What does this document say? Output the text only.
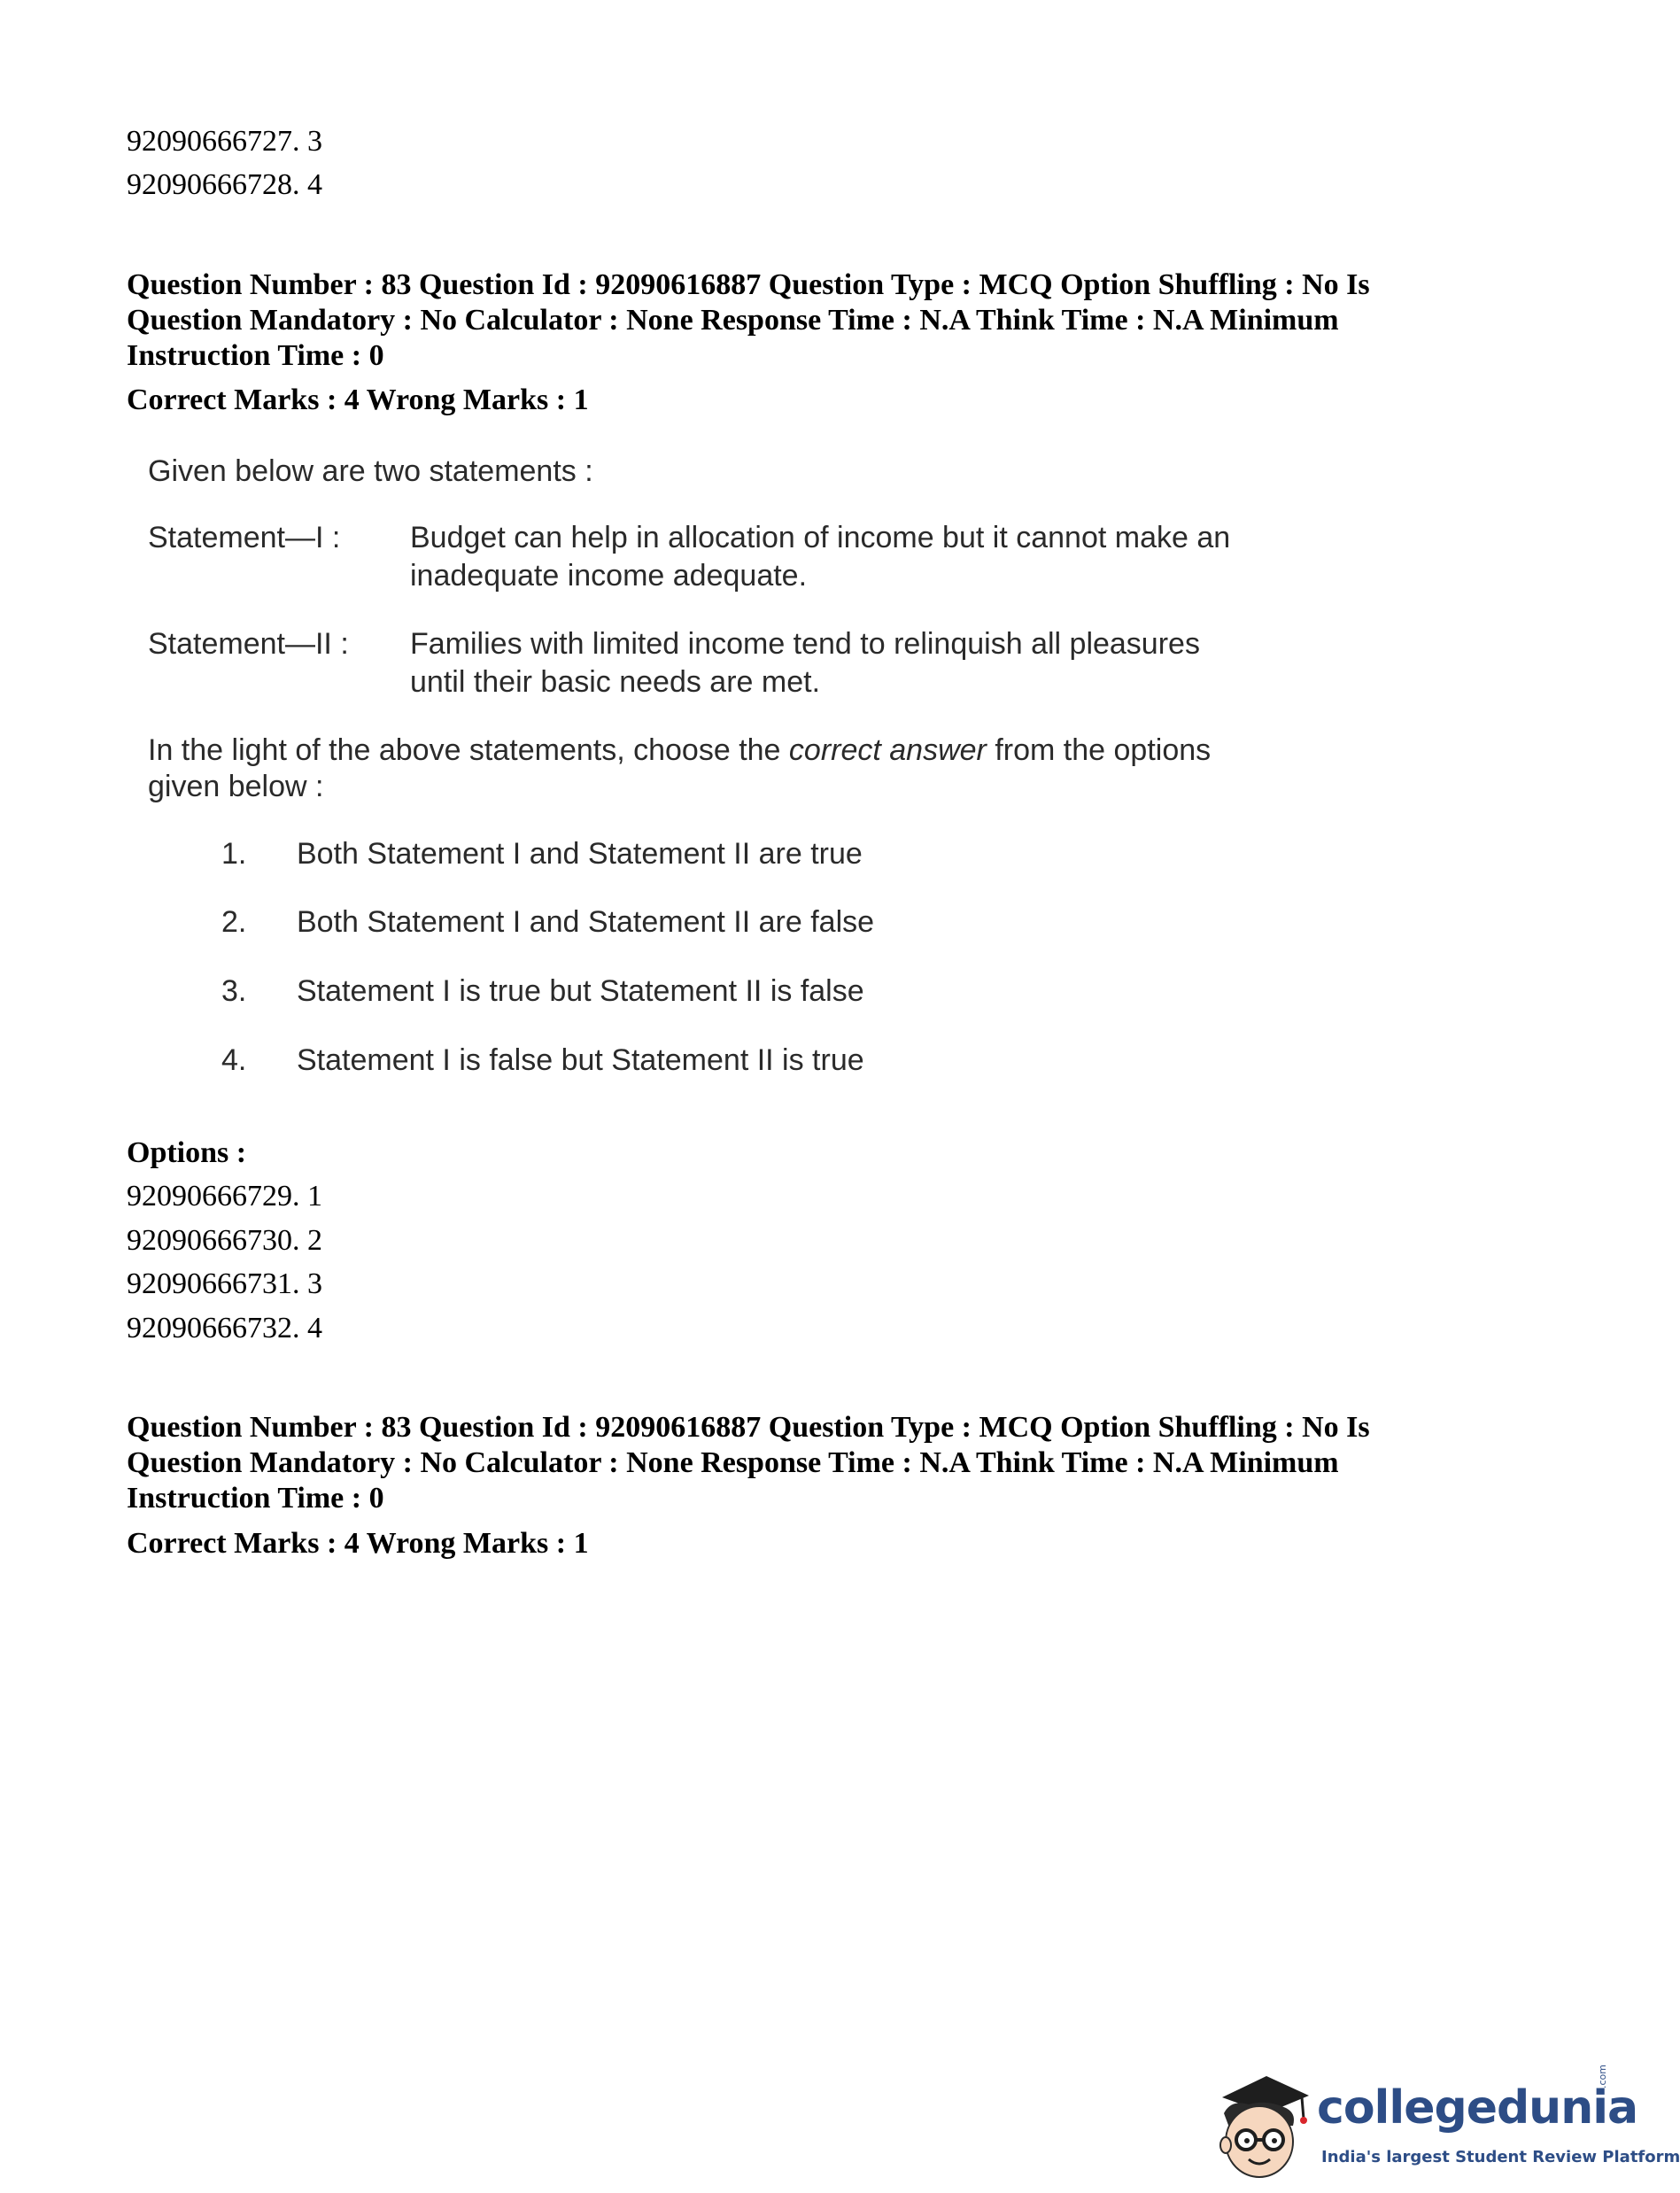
92090666727. 3
92090666728. 4
Question Number : 83 Question Id : 92090616887 Question Type : MCQ Option Shuffling : No Is
Question Mandatory : No Calculator : None Response Time : N.A Think Time : N.A Minimum
Instruction Time : 0
Correct Marks : 4 Wrong Marks : 1
Given below are two statements :
Statement—I : Budget can help in allocation of income but it cannot make an
inadequate income adequate.
Statement—II : Families with limited income tend to relinquish all pleasures
until their basic needs are met.
In the light of the above statements, choose the correct answer from the options
given below :
1. Both Statement I and Statement II are true
2. Both Statement I and Statement II are false
3. Statement I is true but Statement II is false
4. Statement I is false but Statement II is true
Options :
92090666729. 1
92090666730. 2
92090666731. 3
92090666732. 4
Question Number : 83 Question Id : 92090616887 Question Type : MCQ Option Shuffling : No Is
Question Mandatory : No Calculator : None Response Time : N.A Think Time : N.A Minimum
Instruction Time : 0
Correct Marks : 4 Wrong Marks : 1
collegedunia
.com
India's largest Student Review Platform
